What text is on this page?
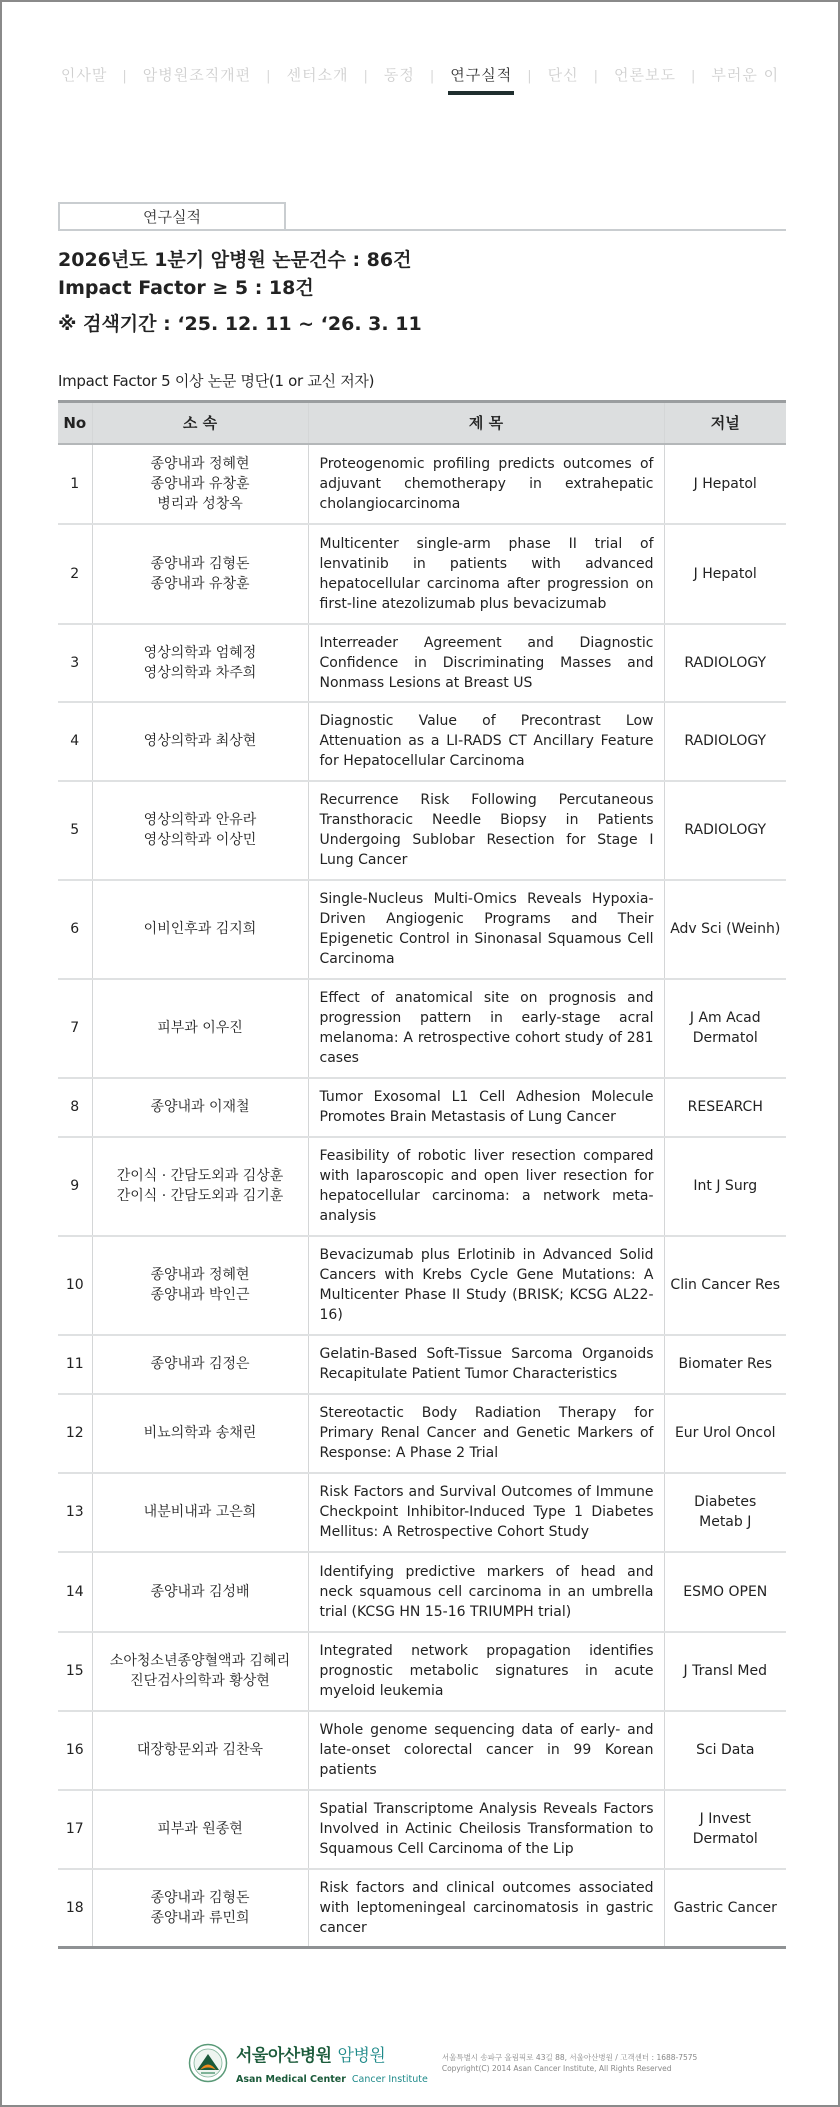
인사말 | 암병원조직개편 | 센터소개 | 동정 | 연구실적 | 단신 | 언론보도 | 부러운 이
연구실적
2026년도 1분기 암병원 논문건수 : 86건
Impact Factor ≥ 5 : 18건
※ 검색기간 : ‘25. 12. 11 ~ ‘26. 3. 11
Impact Factor 5 이상 논문 명단(1 or 교신 저자)
No	소 속	제 목	저널
1	종양내과 정혜현
종양내과 유창훈
병리과 성창옥	Proteogenomic profiling predicts outcomes of adjuvant chemotherapy in extrahepatic cholangiocarcinoma	J Hepatol

2	종양내과 김형돈
종양내과 유창훈	Multicenter single-arm phase II trial of lenvatinib in patients with advanced hepatocellular carcinoma after progression on first-line atezolizumab plus bevacizumab	J Hepatol

3	영상의학과 엄혜정
영상의학과 차주희	Interreader Agreement and Diagnostic Confidence in Discriminating Masses and Nonmass Lesions at Breast US	RADIOLOGY

4	영상의학과 최상현	Diagnostic Value of Precontrast Low Attenuation as a LI-RADS CT Ancillary Feature for Hepatocellular Carcinoma	RADIOLOGY

5	영상의학과 안유라
영상의학과 이상민	Recurrence Risk Following Percutaneous Transthoracic Needle Biopsy in Patients Undergoing Sublobar Resection for Stage I Lung Cancer	RADIOLOGY

6	이비인후과 김지희	Single-Nucleus Multi-Omics Reveals Hypoxia-Driven Angiogenic Programs and Their Epigenetic Control in Sinonasal Squamous Cell Carcinoma	Adv Sci (Weinh)

7	피부과 이우진	Effect of anatomical site on prognosis and progression pattern in early-stage acral melanoma: A retrospective cohort study of 281 cases	J Am Acad
Dermatol

8	종양내과 이재철	Tumor Exosomal L1 Cell Adhesion Molecule Promotes Brain Metastasis of Lung Cancer	RESEARCH

9	간이식 · 간담도외과 김상훈
간이식 · 간담도외과 김기훈	Feasibility of robotic liver resection compared with laparoscopic and open liver resection for hepatocellular carcinoma: a network meta-analysis	Int J Surg

10	종양내과 정혜현
종양내과 박인근	Bevacizumab plus Erlotinib in Advanced Solid Cancers with Krebs Cycle Gene Mutations: A Multicenter Phase II Study (BRISK; KCSG AL22-16)	Clin Cancer Res

11	종양내과 김정은	Gelatin-Based Soft-Tissue Sarcoma Organoids Recapitulate Patient Tumor Characteristics	Biomater Res

12	비뇨의학과 송채린	Stereotactic Body Radiation Therapy for Primary Renal Cancer and Genetic Markers of Response: A Phase 2 Trial	Eur Urol Oncol

13	내분비내과 고은희	Risk Factors and Survival Outcomes of Immune Checkpoint Inhibitor-Induced Type 1 Diabetes Mellitus: A Retrospective Cohort Study	Diabetes
Metab J

14	종양내과 김성배	Identifying predictive markers of head and neck squamous cell carcinoma in an umbrella trial (KCSG HN 15-16 TRIUMPH trial)	ESMO OPEN

15	소아청소년종양혈액과 김혜리
진단검사의학과 황상현	Integrated network propagation identifies prognostic metabolic signatures in acute myeloid leukemia	J Transl Med

16	대장항문외과 김찬욱	Whole genome sequencing data of early- and late-onset colorectal cancer in 99 Korean patients	Sci Data

17	피부과 원종현	Spatial Transcriptome Analysis Reveals Factors Involved in Actinic Cheilosis Transformation to Squamous Cell Carcinoma of the Lip	J Invest
Dermatol

18	종양내과 김형돈
종양내과 류민희	Risk factors and clinical outcomes associated with leptomeningeal carcinomatosis in gastric cancer	Gastric Cancer
서울아산병원 암병원
Asan Medical Center Cancer Institute
서울특별시 송파구 올림픽로 43길 88, 서울아산병원 / 고객센터 : 1688-7575
Copyright(C) 2014 Asan Cancer Institute, All Rights Reserved
